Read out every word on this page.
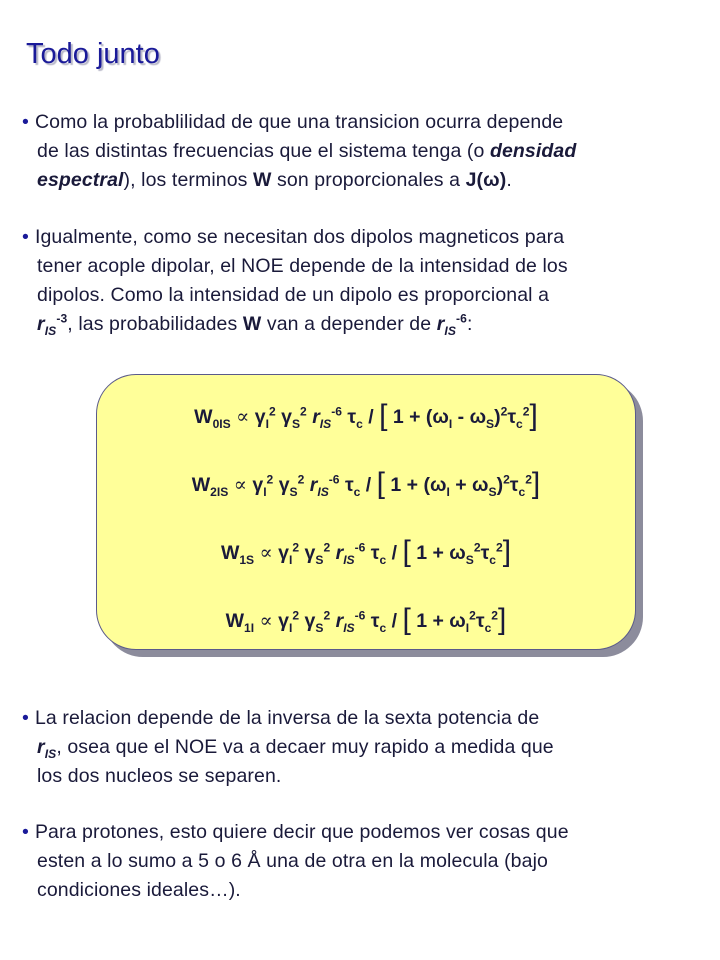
Todo junto
• Como la probablilidad de que una transicion ocurra depende
de las distintas frecuencias que el sistema tenga (o densidad
espectral), los terminos W son proporcionales a J(ω).
• Igualmente, como se necesitan dos dipolos magneticos para
tener acople dipolar, el NOE depende de la intensidad de los
dipolos. Como la intensidad de un dipolo es proporcional a
$r_{IS}^{-3}$, las probabilidades W van a depender de $r_{IS}^{-6}$:
$W_{0IS} \propto \gamma_I^2$ $\gamma_S^2$ $r_{IS}^{-6}$ $\tau_c$ / [ $1 + (\omega_I - \omega_S)^2\tau_c^2$]
$W_{2IS} \propto \gamma_I^2$ $\gamma_S^2$ $r_{IS}^{-6}$ $\tau_c$ / [ $1 + (\omega_I + \omega_S)^2\tau_c^2$]
$W_{1S} \propto \gamma_I^2$ $\gamma_S^2$ $r_{IS}^{-6}$ $\tau_c$ / [ $1 + \omega_S^2\tau_c^2$]
$W_{1I} \propto \gamma_I^2$ $\gamma_S^2$ $r_{IS}^{-6}$ $\tau_c$ / [ $1 + \omega_I^2\tau_c^2$]
• La relacion depende de la inversa de la sexta potencia de
$r_{IS}$, osea que el NOE va a decaer muy rapido a medida que
los dos nucleos se separen.
• Para protones, esto quiere decir que podemos ver cosas que
esten a lo sumo a 5 o 6 Å una de otra en la molecula (bajo
condiciones ideales…).
